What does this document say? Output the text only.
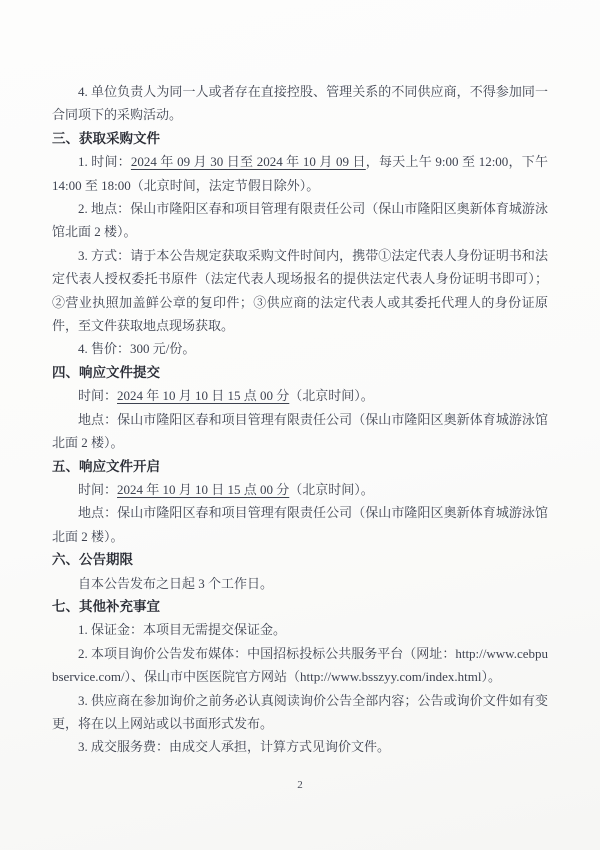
4. 单位负责人为同一人或者存在直接控股、管理关系的不同供应商，不得参加同一合同项下的采购活动。

三、获取采购文件

1. 时间：2024 年 09 月 30 日至 2024 年 10 月 09 日，每天上午 9:00 至 12:00，下午 14:00 至 18:00（北京时间，法定节假日除外）。

2. 地点：保山市隆阳区春和项目管理有限责任公司（保山市隆阳区奥新体育城游泳馆北面 2 楼）。

3. 方式：请于本公告规定获取采购文件时间内，携带①法定代表人身份证明书和法定代表人授权委托书原件（法定代表人现场报名的提供法定代表人身份证明书即可）；②营业执照加盖鲜公章的复印件；③供应商的法定代表人或其委托代理人的身份证原件，至文件获取地点现场获取。

4. 售价：300 元/份。

四、响应文件提交

时间：2024 年 10 月 10 日 15 点 00 分（北京时间）。

地点：保山市隆阳区春和项目管理有限责任公司（保山市隆阳区奥新体育城游泳馆北面 2 楼）。

五、响应文件开启

时间：2024 年 10 月 10 日 15 点 00 分（北京时间）。

地点：保山市隆阳区春和项目管理有限责任公司（保山市隆阳区奥新体育城游泳馆北面 2 楼）。

六、公告期限

自本公告发布之日起 3 个工作日。

七、其他补充事宜

1. 保证金：本项目无需提交保证金。

2. 本项目询价公告发布媒体：中国招标投标公共服务平台（网址：http://www.cebpubservice.com/）、保山市中医医院官方网站（http://www.bsszyy.com/index.html）。

3. 供应商在参加询价之前务必认真阅读询价公告全部内容；公告或询价文件如有变更，将在以上网站或以书面形式发布。

3. 成交服务费：由成交人承担，计算方式见询价文件。

2
